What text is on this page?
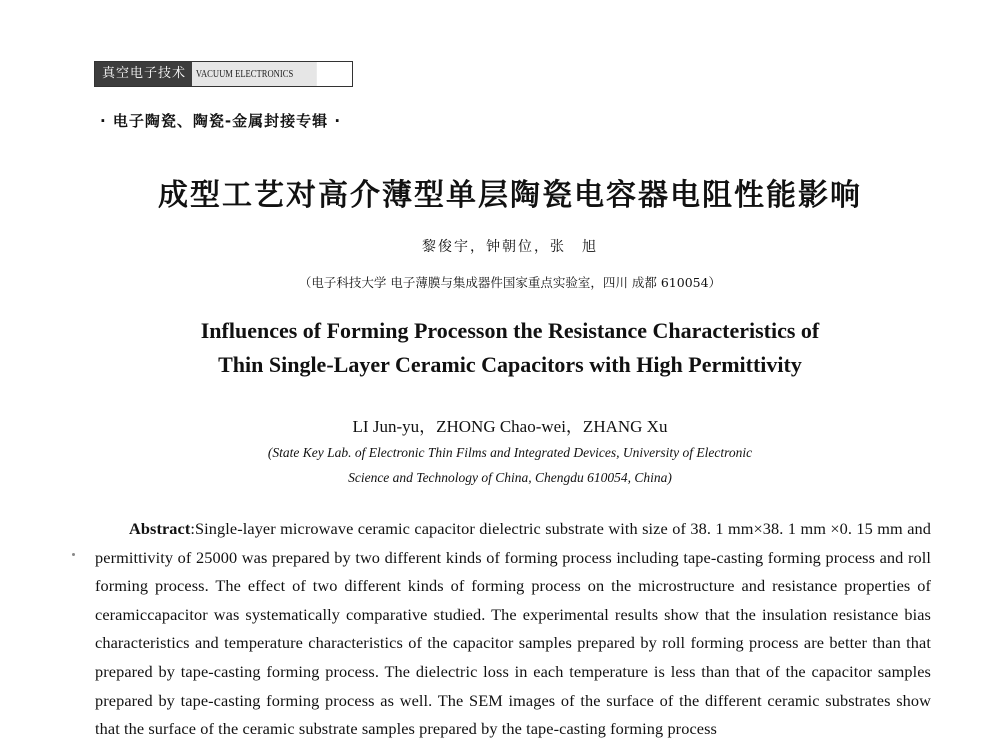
真空电子技术 VACUUM ELECTRONICS
· 电子陶瓷、陶瓷-金属封接专辑 ·
成型工艺对高介薄型单层陶瓷电容器电阻性能影响
黎俊宇，钟朝位，张　旭
（电子科技大学 电子薄膜与集成器件国家重点实验室，四川 成都 610054）
Influences of Forming Processon the Resistance Characteristics of
Thin Single-Layer Ceramic Capacitors with High Permittivity
LI Jun-yu，ZHONG Chao-wei，ZHANG Xu
(State Key Lab. of Electronic Thin Films and Integrated Devices, University of Electronic
Science and Technology of China, Chengdu 610054, China)
Abstract:Single-layer microwave ceramic capacitor dielectric substrate with size of 38. 1 mm×38. 1 mm ×0. 15 mm and permittivity of 25000 was prepared by two different kinds of forming process including tape-casting forming process and roll forming process. The effect of two different kinds of forming process on the microstructure and resistance properties of ceramiccapacitor was systematically comparative studied. The experimental results show that the insulation resistance bias characteristics and temperature characteristics of the capacitor samples prepared by roll forming process are better than that prepared by tape-casting forming process. The dielectric loss in each temperature is less than that of the capacitor samples prepared by tape-casting forming process as well. The SEM images of the surface of the different ceramic substrates show that the surface of the ceramic substrate samples prepared by the tape-casting forming process
